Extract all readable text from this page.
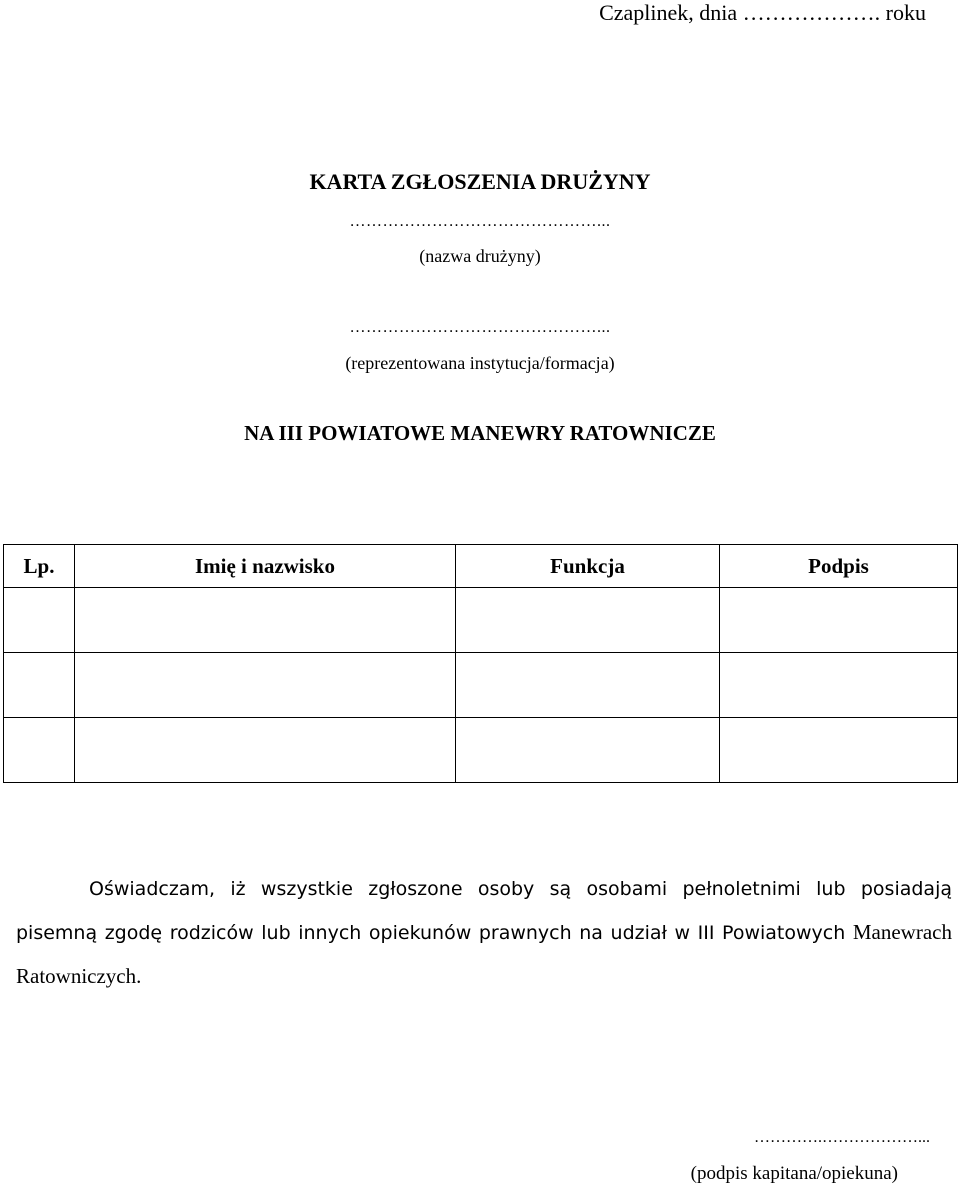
Czaplinek, dnia ………………. roku
KARTA ZGŁOSZENIA DRUŻYNY
………………………………………...
(nazwa drużyny)
………………………………………...
(reprezentowana instytucja/formacja)
NA III POWIATOWE MANEWRY RATOWNICZE
Lp.	Imię i nazwisko	Funkcja	Podpis

Oświadczam, iż wszystkie zgłoszone osoby są osobami pełnoletnimi lub posiadają pisemną zgodę rodziców lub innych opiekunów prawnych na udział w III Powiatowych Manewrach Ratowniczych.
………….………………...
(podpis kapitana/opiekuna)
